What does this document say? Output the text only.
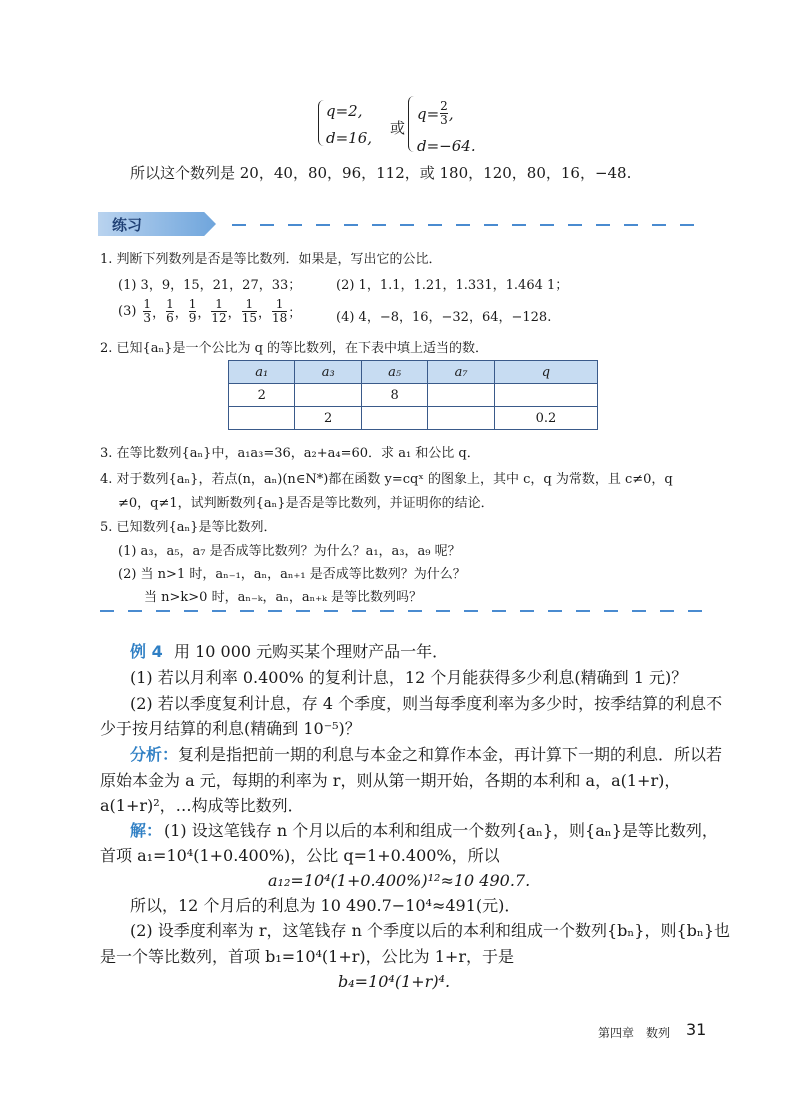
q=2,
d=16,
或
$q= \frac{2}{3}$ ,
d=−64.
所以这个数列是 20，40，80，96，112，或 180，120，80，16，−48.
练习
1. 判断下列数列是否是等比数列．如果是，写出它的公比．
(1) 3，9，15，21，27，33；	(2) 1，1.1，1.21，1.331，1.464 1；
$(3) \frac{1}{3}$ ， $\frac{1}{6}$ ， $\frac{1}{9}$ ， $\frac{1}{12}$ ， $\frac{1}{15}$ ， $\frac{1}{18}$ ；	(4) 4，−8，16，−32，64，−128.
2. 已知{aₙ}是一个公比为 q 的等比数列，在下表中填上适当的数．
a₁	a₃	a₅	a₇	q
2		8		
	2			0.2
3. 在等比数列{aₙ}中，a₁a₃=36，a₂+a₄=60．求 a₁ 和公比 q．
4. 对于数列{aₙ}，若点(n，aₙ)(n∈N*)都在函数 y=cqˣ 的图象上，其中 c，q 为常数，且 c≠0，q
≠0，q≠1，试判断数列{aₙ}是否是等比数列，并证明你的结论．
5. 已知数列{aₙ}是等比数列．
(1) a₃，a₅，a₇ 是否成等比数列？为什么？a₁，a₃，a₉ 呢？
(2) 当 n>1 时，aₙ₋₁，aₙ，aₙ₊₁ 是否成等比数列？为什么？
当 n>k>0 时，aₙ₋ₖ，aₙ，aₙ₊ₖ 是等比数列吗？
例 4 用 10 000 元购买某个理财产品一年．
(1) 若以月利率 0.400% 的复利计息，12 个月能获得多少利息(精确到 1 元)？
(2) 若以季度复利计息，存 4 个季度，则当每季度利率为多少时，按季结算的利息不
少于按月结算的利息(精确到 10⁻⁵)？
分析： 复利是指把前一期的利息与本金之和算作本金，再计算下一期的利息．所以若
原始本金为 a 元，每期的利率为 r，则从第一期开始，各期的本利和 a，a(1+r)，
a(1+r)²，…构成等比数列．
解： (1) 设这笔钱存 n 个月以后的本利和组成一个数列{aₙ}，则{aₙ}是等比数列，
首项 a₁=10⁴(1+0.400%)，公比 q=1+0.400%，所以
a₁₂=10⁴(1+0.400%)¹²≈10 490.7.
所以，12 个月后的利息为 10 490.7−10⁴≈491(元)．
(2) 设季度利率为 r，这笔钱存 n 个季度以后的本利和组成一个数列{bₙ}，则{bₙ}也
是一个等比数列，首项 b₁=10⁴(1+r)，公比为 1+r，于是
b₄=10⁴(1+r)⁴.
第四章　数列 31
